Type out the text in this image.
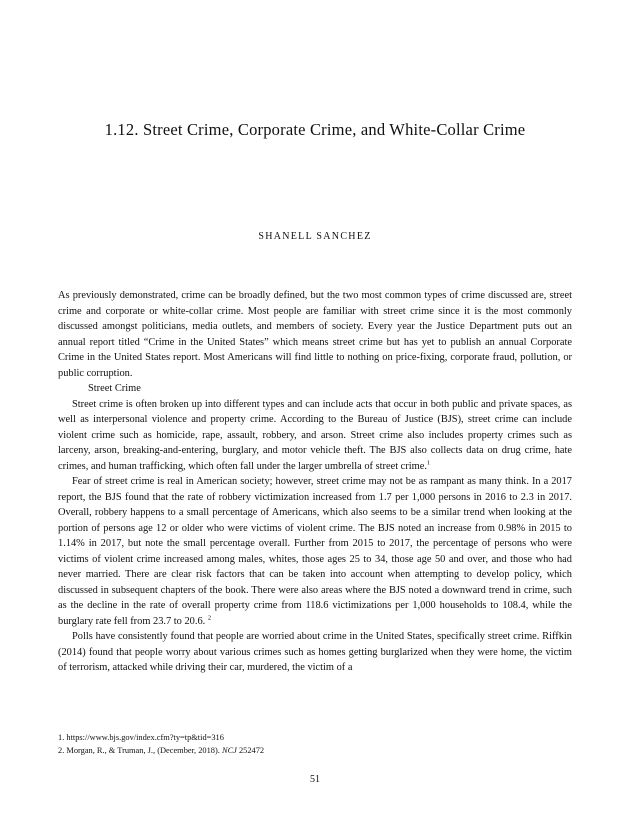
1.12. Street Crime, Corporate Crime, and White-Collar Crime
SHANELL SANCHEZ

As previously demonstrated, crime can be broadly defined, but the two most common types of crime discussed are, street crime and corporate or white-collar crime. Most people are familiar with street crime since it is the most commonly discussed amongst politicians, media outlets, and members of society. Every year the Justice Department puts out an annual report titled “Crime in the United States” which means street crime but has yet to publish an annual Corporate Crime in the United States report. Most Americans will find little to nothing on price-fixing, corporate fraud, pollution, or public corruption.

Street Crime

Street crime is often broken up into different types and can include acts that occur in both public and private spaces, as well as interpersonal violence and property crime. According to the Bureau of Justice (BJS), street crime can include violent crime such as homicide, rape, assault, robbery, and arson. Street crime also includes property crimes such as larceny, arson, breaking-and-entering, burglary, and motor vehicle theft. The BJS also collects data on drug crime, hate crimes, and human trafficking, which often fall under the larger umbrella of street crime.$^1$

Fear of street crime is real in American society; however, street crime may not be as rampant as many think. In a 2017 report, the BJS found that the rate of robbery victimization increased from 1.7 per 1,000 persons in 2016 to 2.3 in 2017. Overall, robbery happens to a small percentage of Americans, which also seems to be a similar trend when looking at the portion of persons age 12 or older who were victims of violent crime. The BJS noted an increase from 0.98% in 2015 to 1.14% in 2017, but note the small percentage overall. Further from 2015 to 2017, the percentage of persons who were victims of violent crime increased among males, whites, those ages 25 to 34, those age 50 and over, and those who had never married. There are clear risk factors that can be taken into account when attempting to develop policy, which discussed in subsequent chapters of the book. There were also areas where the BJS noted a downward trend in crime, such as the decline in the rate of overall property crime from 118.6 victimizations per 1,000 households to 108.4, while the burglary rate fell from 23.7 to 20.6. $^2$

Polls have consistently found that people are worried about crime in the United States, specifically street crime. Riffkin (2014) found that people worry about various crimes such as homes getting burglarized when they were home, the victim of terrorism, attacked while driving their car, murdered, the victim of a

1. https://www.bjs.gov/index.cfm?ty=tp&tid=316
2. Morgan, R., & Truman, J., (December, 2018). NCJ 252472
51
